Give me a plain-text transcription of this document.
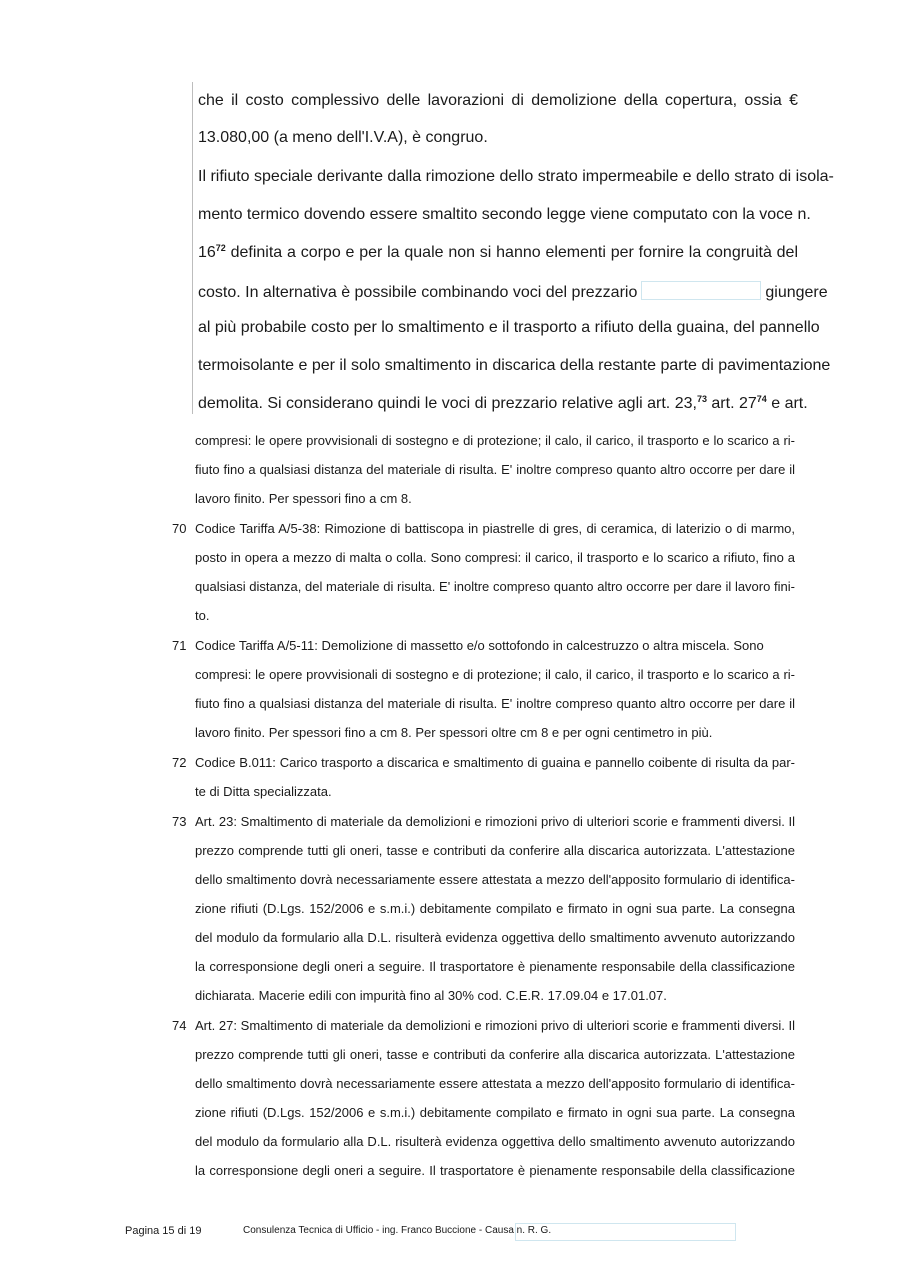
che il costo complessivo delle lavorazioni di demolizione della copertura, ossia €
13.080,00 (a meno dell'I.V.A), è congruo.
Il rifiuto speciale derivante dalla rimozione dello strato impermeabile e dello strato di isola-
mento termico dovendo essere smaltito secondo legge viene computato con la voce n.
$16^{72}$ definita a corpo e per la quale non si hanno elementi per fornire la congruità del
costo. In alternativa è possibile combinando voci del prezzario	giungere
al più probabile costo per lo smaltimento e il trasporto a rifiuto della guaina, del pannello
termoisolante e per il solo smaltimento in discarica della restante parte di pavimentazione
demolita. Si considerano quindi le voci di prezzario relative agli art. 23,73 art. $27^{74}$ e art.
compresi: le opere provvisionali di sostegno e di protezione; il calo, il carico, il trasporto e lo scarico a ri-
fiuto fino a qualsiasi distanza del materiale di risulta. E' inoltre compreso quanto altro occorre per dare il
lavoro finito. Per spessori fino a cm 8.
70 Codice Tariffa A/5-38: Rimozione di battiscopa in piastrelle di gres, di ceramica, di laterizio o di marmo,
posto in opera a mezzo di malta o colla. Sono compresi: il carico, il trasporto e lo scarico a rifiuto, fino a
qualsiasi distanza, del materiale di risulta. E' inoltre compreso quanto altro occorre per dare il lavoro fini-
to.
71 Codice Tariffa A/5-11: Demolizione di massetto e/o sottofondo in calcestruzzo o altra miscela. Sono
compresi: le opere provvisionali di sostegno e di protezione; il calo, il carico, il trasporto e lo scarico a ri-
fiuto fino a qualsiasi distanza del materiale di risulta. E' inoltre compreso quanto altro occorre per dare il
lavoro finito. Per spessori fino a cm 8. Per spessori oltre cm 8 e per ogni centimetro in più.
72 Codice B.011: Carico trasporto a discarica e smaltimento di guaina e pannello coibente di risulta da par-
te di Ditta specializzata.
73 Art. 23: Smaltimento di materiale da demolizioni e rimozioni privo di ulteriori scorie e frammenti diversi. Il
prezzo comprende tutti gli oneri, tasse e contributi da conferire alla discarica autorizzata. L'attestazione
dello smaltimento dovrà necessariamente essere attestata a mezzo dell'apposito formulario di identifica-
zione rifiuti (D.Lgs. 152/2006 e s.m.i.) debitamente compilato e firmato in ogni sua parte. La consegna
del modulo da formulario alla D.L. risulterà evidenza oggettiva dello smaltimento avvenuto autorizzando
la corresponsione degli oneri a seguire. Il trasportatore è pienamente responsabile della classificazione
dichiarata. Macerie edili con impurità fino al 30% cod. C.E.R. 17.09.04 e 17.01.07.
74 Art. 27: Smaltimento di materiale da demolizioni e rimozioni privo di ulteriori scorie e frammenti diversi. Il
prezzo comprende tutti gli oneri, tasse e contributi da conferire alla discarica autorizzata. L'attestazione
dello smaltimento dovrà necessariamente essere attestata a mezzo dell'apposito formulario di identifica-
zione rifiuti (D.Lgs. 152/2006 e s.m.i.) debitamente compilato e firmato in ogni sua parte. La consegna
del modulo da formulario alla D.L. risulterà evidenza oggettiva dello smaltimento avvenuto autorizzando
la corresponsione degli oneri a seguire. Il trasportatore è pienamente responsabile della classificazione
Pagina 15 di 19	Consulenza Tecnica di Ufficio - ing. Franco Buccione - Causa n. R. G.
